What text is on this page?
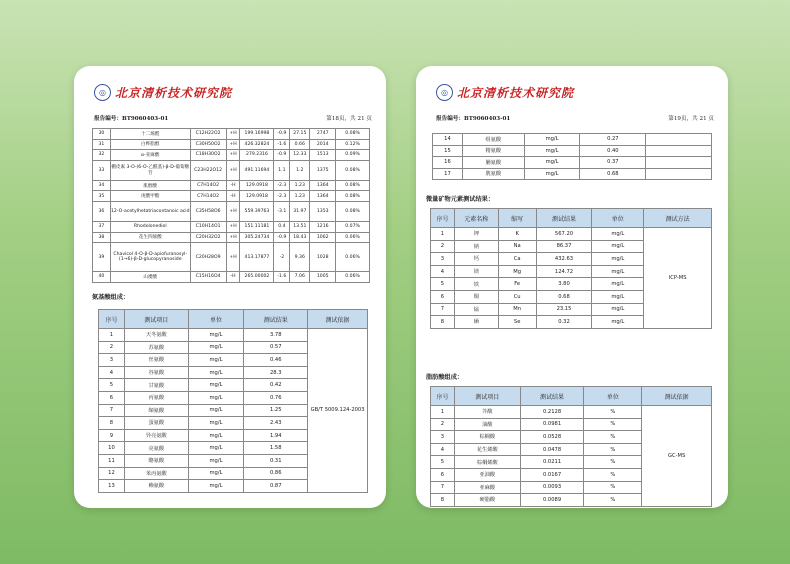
◎ 北京清析技术研究院
报告编号：BT9060403-01	第18页，共 21 页
30	十二烯醛	C12H22O2	+H	199.16998	-0.9	27.15	2747	0.08%
31	白桦脂醇	C30H50O2	+H	426.32824	-1.6	0.66	2014	0.12%
32	α-亚麻酸	C18H30O2	+H	279.2316	-0.9	12.33	1513	0.09%
33	棚皮素 3-O-(6-O-乙酰基)-β-D-葡萄糖苷	C23H22O12	+H	491.11694	1.1	1.2	1375	0.08%
34	肌醇酸	C7H14O2	-H	129.0918	-2.3	1.23	1364	0.08%
35	庚酸甲酯	C7H14O2	-H	129.0918	-2.3	1.23	1364	0.08%
36	12-O-acetylhetatriacontanoic acid	C35H58O6	+H	559.39763	-3.1	31.97	1353	0.08%
37	Rhodolonediol	C10H14O1	+H	151.11181	0.4	13.51	1216	0.07%
38	花生四烯酸	C20H32O2	+H	305.24734	-0.9	18.43	1062	0.06%
39	Chavicol 4-O-β-D-apiofuranosyl-(1→6)-β-D-glucopyranoside	C20H28O9	+H	413.17877	-2	9.36	1028	0.06%
40	山嵛酸	C15H16O4	-H	265.00002	-1.6	7.06	1005	0.06%
氨基酸组成：
序号	测试项目	单位	测试结果	测试依据
1	天冬氨酸	mg/L	3.78	GB/T 5009.124-2003
2	苏氨酸	mg/L	0.57	
3	丝氨酸	mg/L	0.46	
4	谷氨酸	mg/L	28.3	
5	甘氨酸	mg/L	0.42	
6	丙氨酸	mg/L	0.76	
7	缬氨酸	mg/L	1.25	
8	蛋氨酸	mg/L	2.43	
9	异亮氨酸	mg/L	1.94	
10	亮氨酸	mg/L	1.58	
11	酪氨酸	mg/L	0.31	
12	苯丙氨酸	mg/L	0.86	
13	赖氨酸	mg/L	0.87	
◎ 北京清析技术研究院
报告编号：BT9060403-01	第19页，共 21 页
14	组氨酸	mg/L	0.27	
15	精氨酸	mg/L	0.40	
16	脯氨酸	mg/L	0.37	
17	胱氨酸	mg/L	0.68	
微量矿物元素测试结果：
序号	元素名称	缩写	测试结果	单位	测试方法
1	钾	K	567.20	mg/L	ICP-MS
2	钠	Na	86.37	mg/L	
3	钙	Ca	432.63	mg/L	
4	镁	Mg	124.72	mg/L	
5	铁	Fe	3.80	mg/L	
6	铜	Cu	0.68	mg/L	
7	锰	Mn	23.15	mg/L	
8	硒	Se	0.32	mg/L	
脂肪酸组成：
序号	测试项目	测试结果	单位	测试依据
1	芥酸	0.2128	%	GC-MS
2	油酸	0.0981	%	
3	棕榈酸	0.0528	%	
4	花生烯酸	0.0478	%	
5	棕榈烯酸	0.0211	%	
6	亚油酸	0.0167	%	
7	亚麻酸	0.0093	%	
8	硬脂酸	0.0089	%	
